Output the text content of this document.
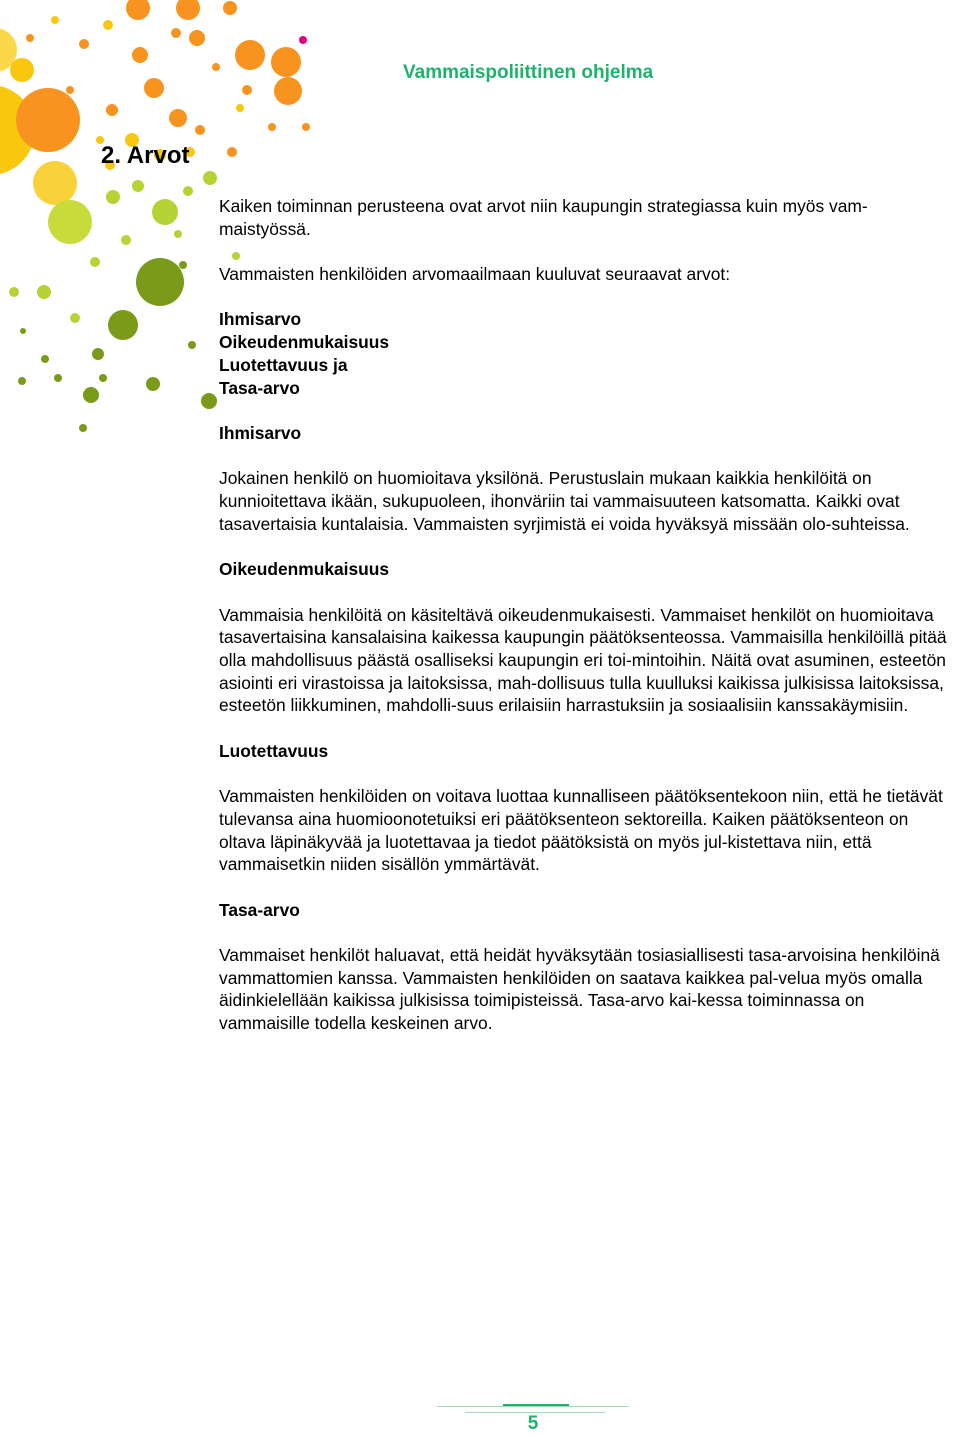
Vammaispoliittinen ohjelma
2. Arvot

Kaiken toiminnan perusteena ovat arvot niin kaupungin strategiassa kuin myös vam-maistyössä.

Vammaisten henkilöiden arvomaailmaan kuuluvat seuraavat arvot:

Ihmisarvo
Oikeudenmukaisuus
Luotettavuus ja
Tasa-arvo

Ihmisarvo

Jokainen henkilö on huomioitava yksilönä. Perustuslain mukaan kaikkia henkilöitä on kunnioitettava ikään, sukupuoleen, ihonväriin tai vammaisuuteen katsomatta. Kaikki ovat tasavertaisia kuntalaisia. Vammaisten syrjimistä ei voida hyväksyä missään olo-suhteissa.

Oikeudenmukaisuus

Vammaisia henkilöitä on käsiteltävä oikeudenmukaisesti. Vammaiset henkilöt on huomioitava tasavertaisina kansalaisina kaikessa kaupungin päätöksenteossa. Vammaisilla henkilöillä pitää olla mahdollisuus päästä osalliseksi kaupungin eri toi-mintoihin. Näitä ovat asuminen, esteetön asiointi eri virastoissa ja laitoksissa, mah-dollisuus tulla kuulluksi kaikissa julkisissa laitoksissa, esteetön liikkuminen, mahdolli-suus erilaisiin harrastuksiin ja sosiaalisiin kanssakäymisiin.

Luotettavuus

Vammaisten henkilöiden on voitava luottaa kunnalliseen päätöksentekoon niin, että he tietävät tulevansa aina huomioonotetuiksi eri päätöksenteon sektoreilla. Kaiken päätöksenteon on oltava läpinäkyvää ja luotettavaa ja tiedot päätöksistä on myös jul-kistettava niin, että vammaisetkin niiden sisällön ymmärtävät.

Tasa-arvo

Vammaiset henkilöt haluavat, että heidät hyväksytään tosiasiallisesti tasa-arvoisina henkilöinä vammattomien kanssa. Vammaisten henkilöiden on saatava kaikkea pal-velua myös omalla äidinkielellään kaikissa julkisissa toimipisteissä. Tasa-arvo kai-kessa toiminnassa on vammaisille todella keskeinen arvo.

5
